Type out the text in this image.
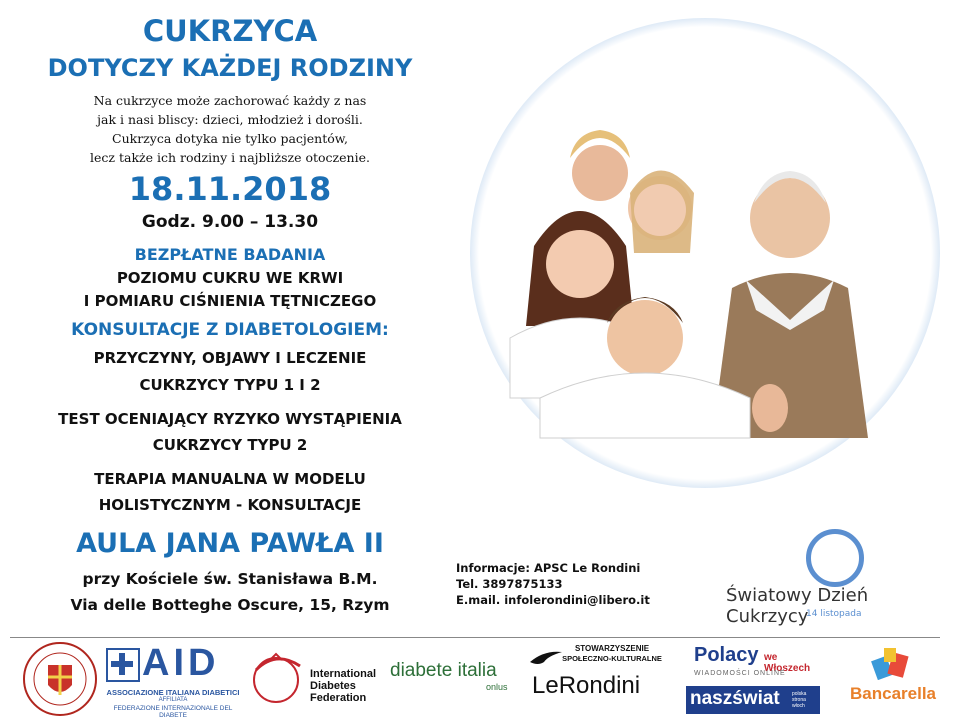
CUKRZYCA
DOTYCZY KAŻDEJ RODZINY
Na cukrzyce może zachorować każdy z nas
jak i nasi bliscy: dzieci, młodzież i dorośli.
Cukrzyca dotyka nie tylko pacjentów,
lecz także ich rodziny i najbliższe otoczenie.
18.11.2018
Godz. 9.00 – 13.30
BEZPŁATNE BADANIA
POZIOMU CUKRU WE KRWI
I POMIARU CIŚNIENIA TĘTNICZEGO
KONSULTACJE Z DIABETOLOGIEM:
PRZYCZYNY, OBJAWY I LECZENIE
CUKRZYCY TYPU 1 I 2
TEST OCENIAJĄCY RYZYKO WYSTĄPIENIA
CUKRZYCY TYPU 2
TERAPIA MANUALNA W MODELU
HOLISTYCZNYM - KONSULTACJE
AULA JANA PAWŁA II
przy Kościele św. Stanisława B.M.
Via delle Botteghe Oscure, 15, Rzym
Informacje: APSC Le Rondini
Tel. 3897875133
E.mail. infolerondini@libero.it	Światowy Dzień Cukrzycy
14 listopada
AID
ASSOCIAZIONE ITALIANA DIABETICI
AFFILIATA
FEDERAZIONE INTERNAZIONALE DEL DIABETE
International
Diabetes
Federation
diabete italia
onlus
STOWARZYSZENIE
SPOŁECZNO-KULTURALNE
LeRondini
Polacy we Włoszech
WIADOMOŚCI ONLINE
naszświat polska strona włoch
Bancarella
